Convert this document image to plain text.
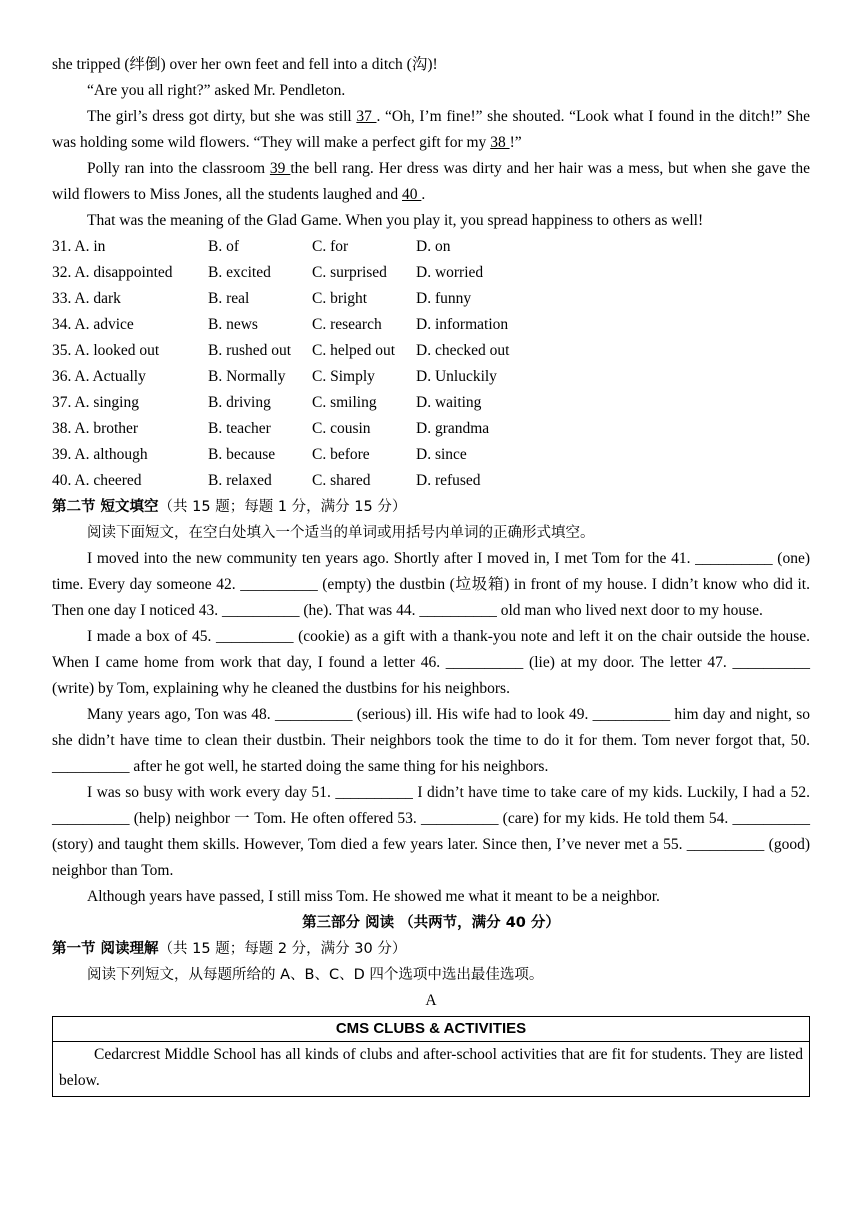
she tripped (绊倒) over her own feet and fell into a ditch (沟)!
“Are you all right?” asked Mr. Pendleton.
The girl’s dress got dirty, but she was still 37 . “Oh, I’m fine!” she shouted. “Look what I found in the ditch!” She was holding some wild flowers. “They will make a perfect gift for my 38 !”
Polly ran into the classroom 39 the bell rang. Her dress was dirty and her hair was a mess, but when she gave the wild flowers to Miss Jones, all the students laughed and 40 .
That was the meaning of the Glad Game. When you play it, you spread happiness to others as well!
31. A. in	B. of	C. for	D. on
32. A. disappointed	B. excited	C. surprised	D. worried
33. A. dark	B. real	C. bright	D. funny
34. A. advice	B. news	C. research	D. information
35. A. looked out	B. rushed out	C. helped out	D. checked out
36. A. Actually	B. Normally	C. Simply	D. Unluckily
37. A. singing	B. driving	C. smiling	D. waiting
38. A. brother	B. teacher	C. cousin	D. grandma
39. A. although	B. because	C. before	D. since
40. A. cheered	B. relaxed	C. shared	D. refused
第二节 短文填空（共 15 题；每题 1 分，满分 15 分）
阅读下面短文，在空白处填入一个适当的单词或用括号内单词的正确形式填空。
I moved into the new community ten years ago. Shortly after I moved in, I met Tom for the 41. __________ (one) time. Every day someone 42. __________ (empty) the dustbin (垃圾箱) in front of my house. I didn’t know who did it. Then one day I noticed 43. __________ (he). That was 44. __________ old man who lived next door to my house.
I made a box of 45. __________ (cookie) as a gift with a thank-you note and left it on the chair outside the house. When I came home from work that day, I found a letter 46. __________ (lie) at my door. The letter 47. __________ (write) by Tom, explaining why he cleaned the dustbins for his neighbors.
Many years ago, Ton was 48. __________ (serious) ill. His wife had to look 49. __________ him day and night, so she didn’t have time to clean their dustbin. Their neighbors took the time to do it for them. Tom never forgot that, 50. __________ after he got well, he started doing the same thing for his neighbors.
I was so busy with work every day 51. __________ I didn’t have time to take care of my kids. Luckily, I had a 52. __________ (help) neighbor 一 Tom. He often offered 53. __________ (care) for my kids. He told them 54. __________ (story) and taught them skills. However, Tom died a few years later. Since then, I’ve never met a 55. __________ (good) neighbor than Tom.
Although years have passed, I still miss Tom. He showed me what it meant to be a neighbor.
第三部分 阅读 （共两节，满分 40 分）
第一节 阅读理解（共 15 题；每题 2 分，满分 30 分）
阅读下列短文，从每题所给的 A、B、C、D 四个选项中选出最佳选项。
A
CMS CLUBS & ACTIVITIES
Cedarcrest Middle School has all kinds of clubs and after-school activities that are fit for students. They are listed below.
